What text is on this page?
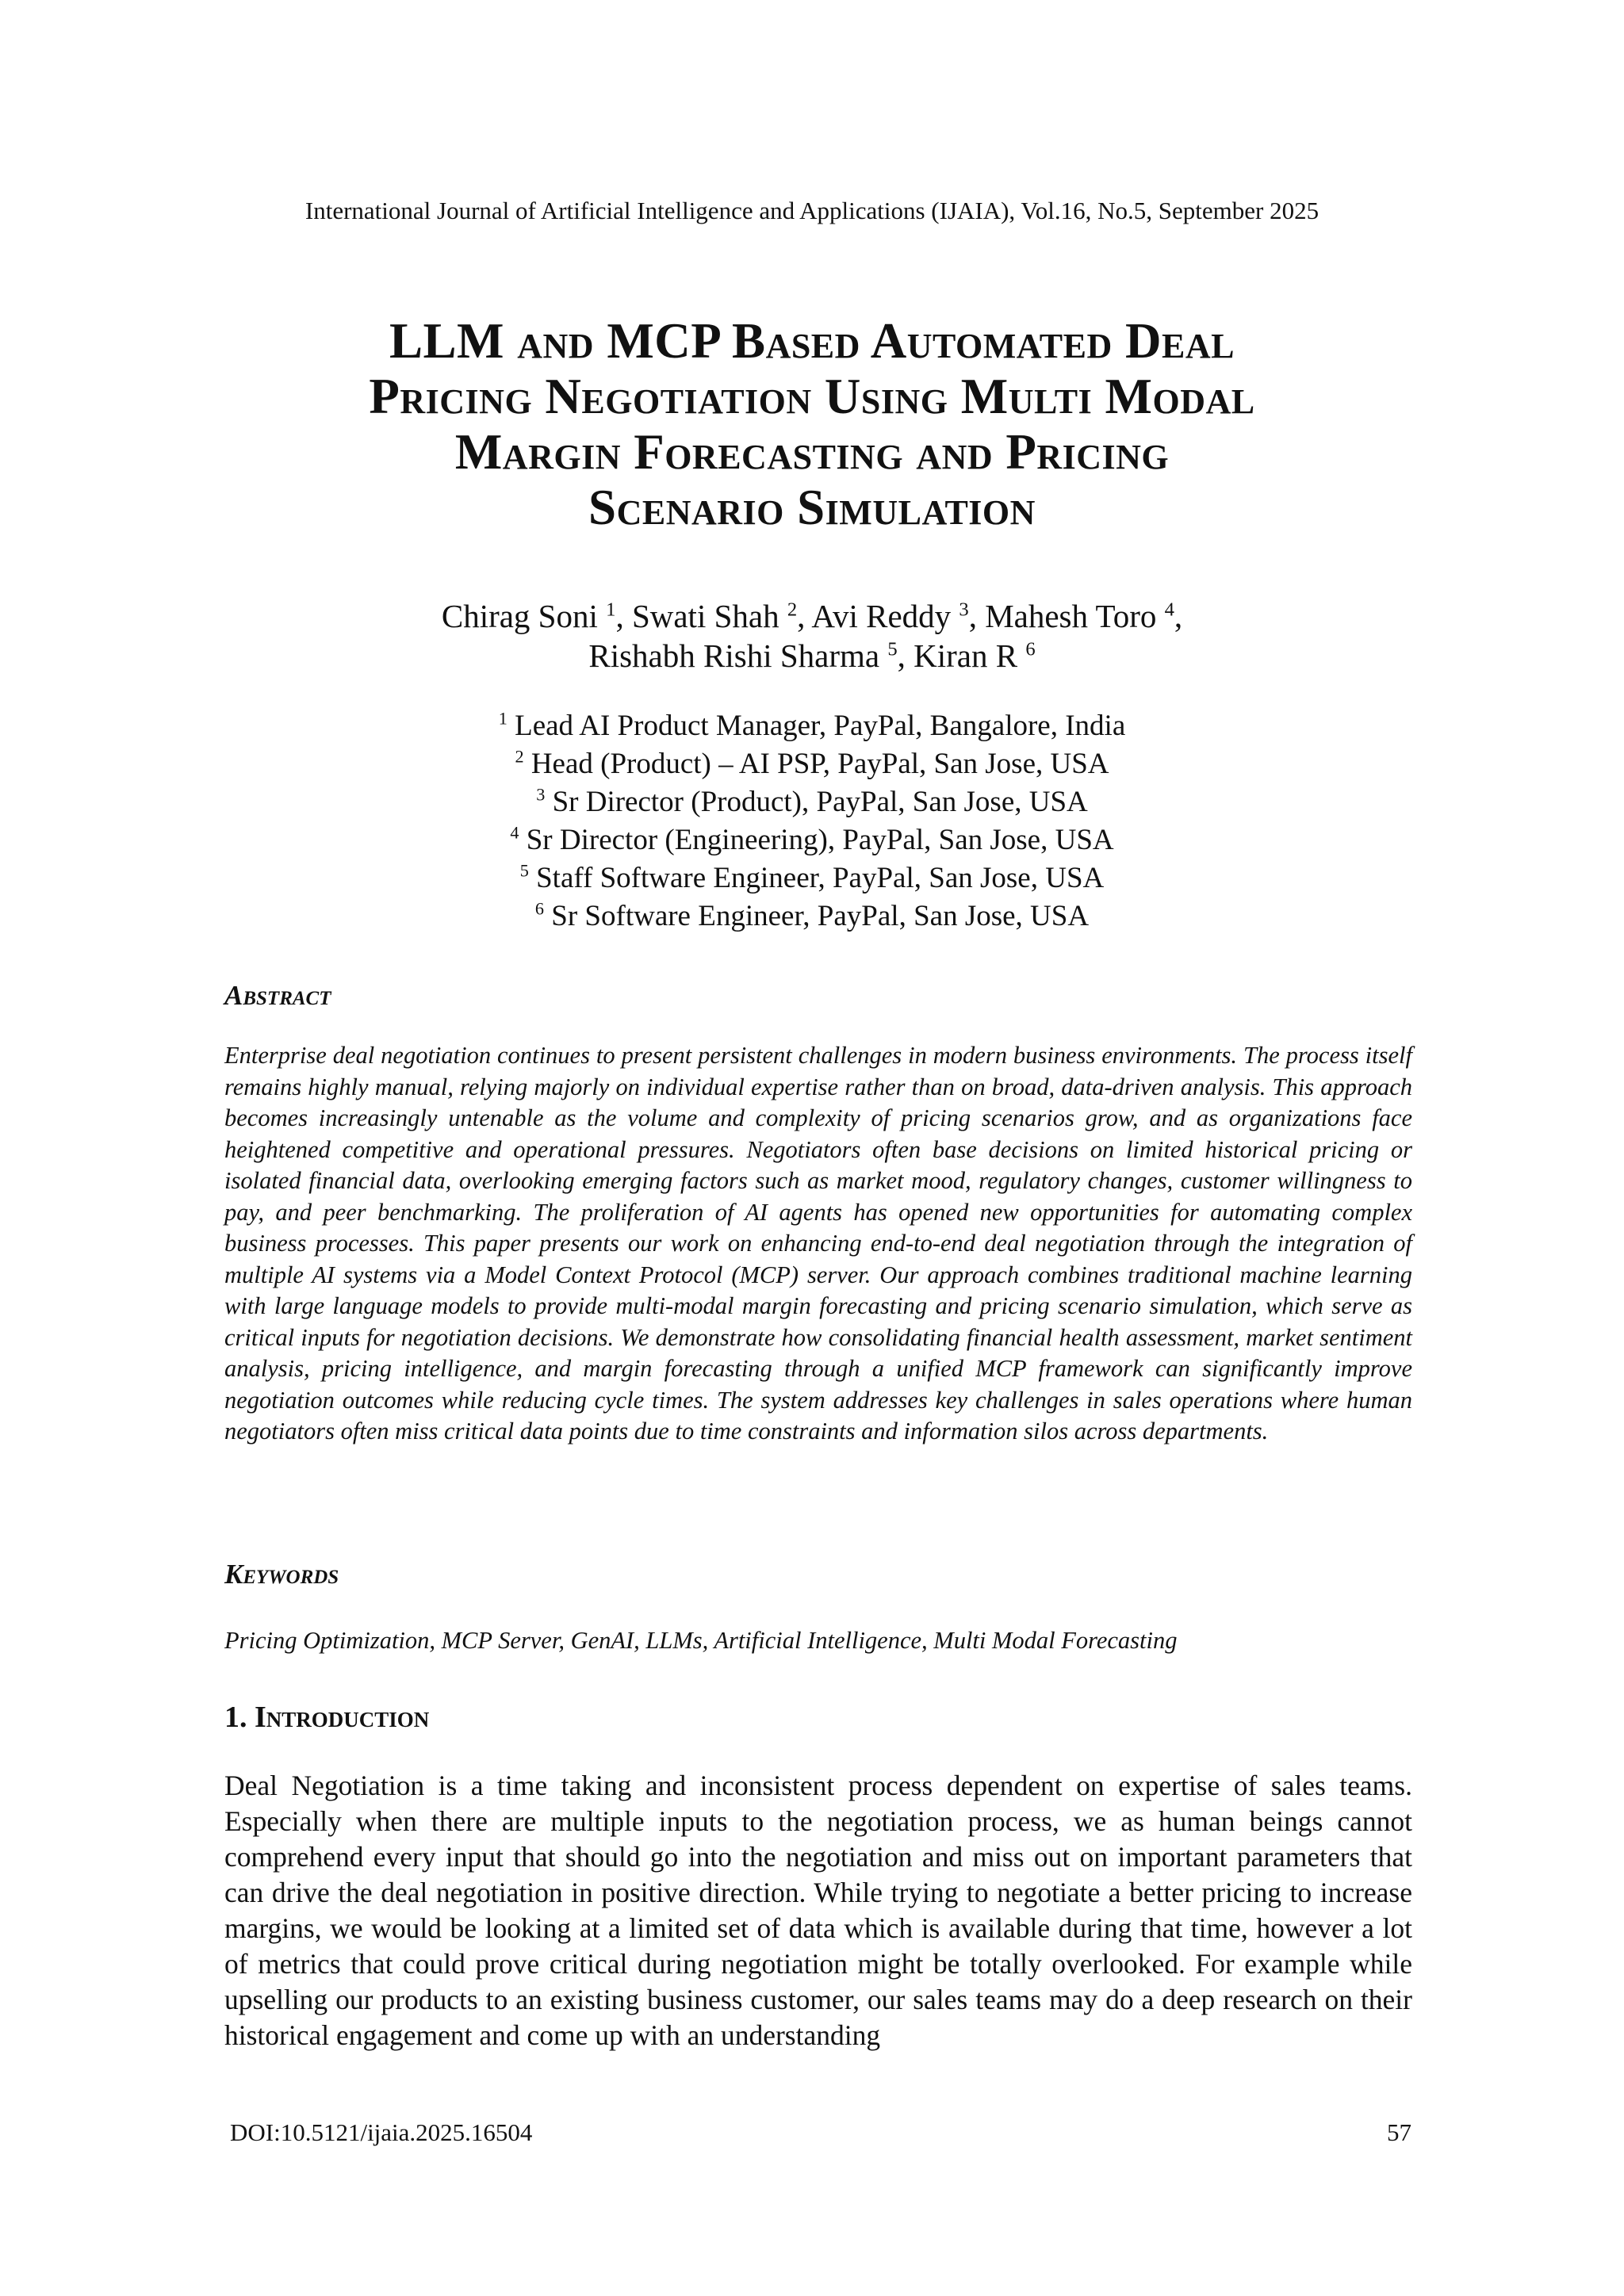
International Journal of Artificial Intelligence and Applications (IJAIA), Vol.16, No.5, September 2025
LLM and MCP Based Automated Deal
Pricing Negotiation Using Multi Modal
Margin Forecasting and Pricing
Scenario Simulation
Chirag Soni $^1$, Swati Shah $^2$, Avi Reddy $^3$, Mahesh Toro $^4$,
Rishabh Rishi Sharma $^5$, Kiran R $^6$
$^1$ Lead AI Product Manager, PayPal, Bangalore, India
$^2$ Head (Product) – AI PSP, PayPal, San Jose, USA
$^3$ Sr Director (Product), PayPal, San Jose, USA
$^4$ Sr Director (Engineering), PayPal, San Jose, USA
$^5$ Staff Software Engineer, PayPal, San Jose, USA
$^6$ Sr Software Engineer, PayPal, San Jose, USA
Abstract

Enterprise deal negotiation continues to present persistent challenges in modern business environments. The process itself remains highly manual, relying majorly on individual expertise rather than on broad, data-driven analysis. This approach becomes increasingly untenable as the volume and complexity of pricing scenarios grow, and as organizations face heightened competitive and operational pressures. Negotiators often base decisions on limited historical pricing or isolated financial data, overlooking emerging factors such as market mood, regulatory changes, customer willingness to pay, and peer benchmarking. The proliferation of AI agents has opened new opportunities for automating complex business processes. This paper presents our work on enhancing end-to-end deal negotiation through the integration of multiple AI systems via a Model Context Protocol (MCP) server. Our approach combines traditional machine learning with large language models to provide multi-modal margin forecasting and pricing scenario simulation, which serve as critical inputs for negotiation decisions. We demonstrate how consolidating financial health assessment, market sentiment analysis, pricing intelligence, and margin forecasting through a unified MCP framework can significantly improve negotiation outcomes while reducing cycle times. The system addresses key challenges in sales operations where human negotiators often miss critical data points due to time constraints and information silos across departments.

Keywords

Pricing Optimization, MCP Server, GenAI, LLMs, Artificial Intelligence, Multi Modal Forecasting

1. Introduction

Deal Negotiation is a time taking and inconsistent process dependent on expertise of sales teams. Especially when there are multiple inputs to the negotiation process, we as human beings cannot comprehend every input that should go into the negotiation and miss out on important parameters that can drive the deal negotiation in positive direction. While trying to negotiate a better pricing to increase margins, we would be looking at a limited set of data which is available during that time, however a lot of metrics that could prove critical during negotiation might be totally overlooked. For example while upselling our products to an existing business customer, our sales teams may do a deep research on their historical engagement and come up with an understanding

DOI:10.5121/ijaia.2025.16504	57
